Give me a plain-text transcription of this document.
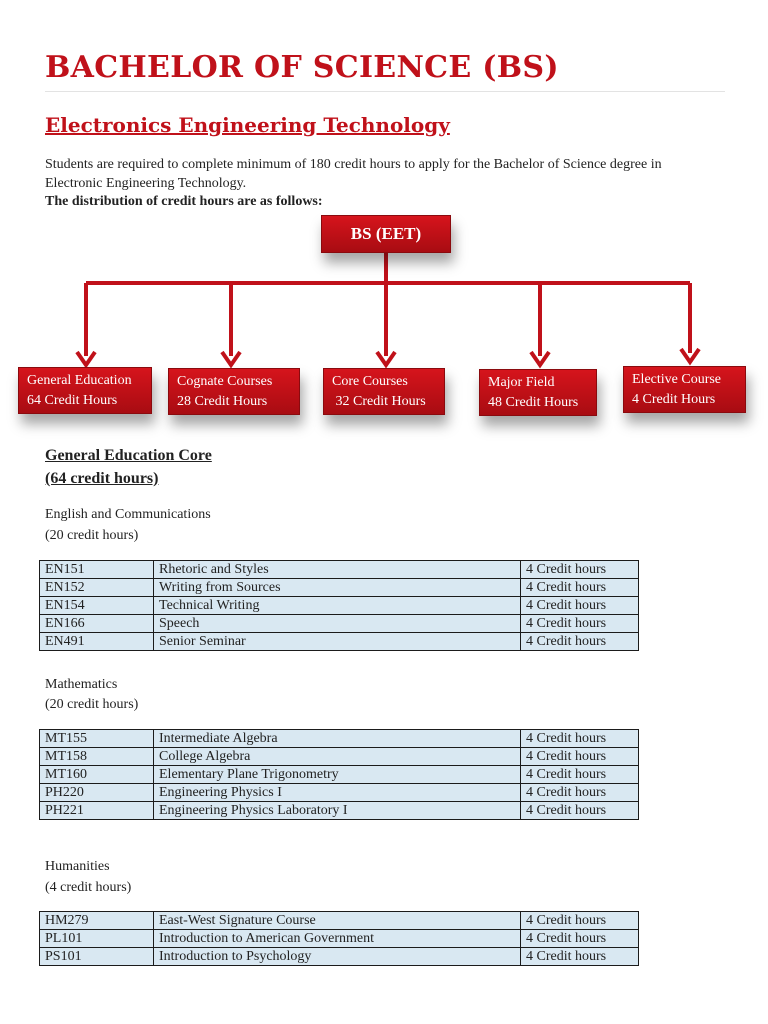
BACHELOR OF SCIENCE (BS)
Electronics Engineering Technology
Students are required to complete minimum of 180 credit hours to apply for the Bachelor of Science degree in
Electronic Engineering Technology.
The distribution of credit hours are as follows:
BS (EET)
General Education
64 Credit Hours
Cognate Courses
28 Credit Hours
Core Courses
32 Credit Hours
Major Field
48 Credit Hours
Elective Course
4 Credit Hours
General Education Core
(64 credit hours)
English and Communications
(20 credit hours)
EN151	Rhetoric and Styles	4 Credit hours
EN152	Writing from Sources	4 Credit hours
EN154	Technical Writing	4 Credit hours
EN166	Speech	4 Credit hours
EN491	Senior Seminar	4 Credit hours
Mathematics
(20 credit hours)
MT155	Intermediate Algebra	4 Credit hours
MT158	College Algebra	4 Credit hours
MT160	Elementary Plane Trigonometry	4 Credit hours
PH220	Engineering Physics I	4 Credit hours
PH221	Engineering Physics Laboratory I	4 Credit hours
Humanities
(4 credit hours)
HM279	East-West Signature Course	4 Credit hours
PL101	Introduction to American Government	4 Credit hours
PS101	Introduction to Psychology	4 Credit hours
